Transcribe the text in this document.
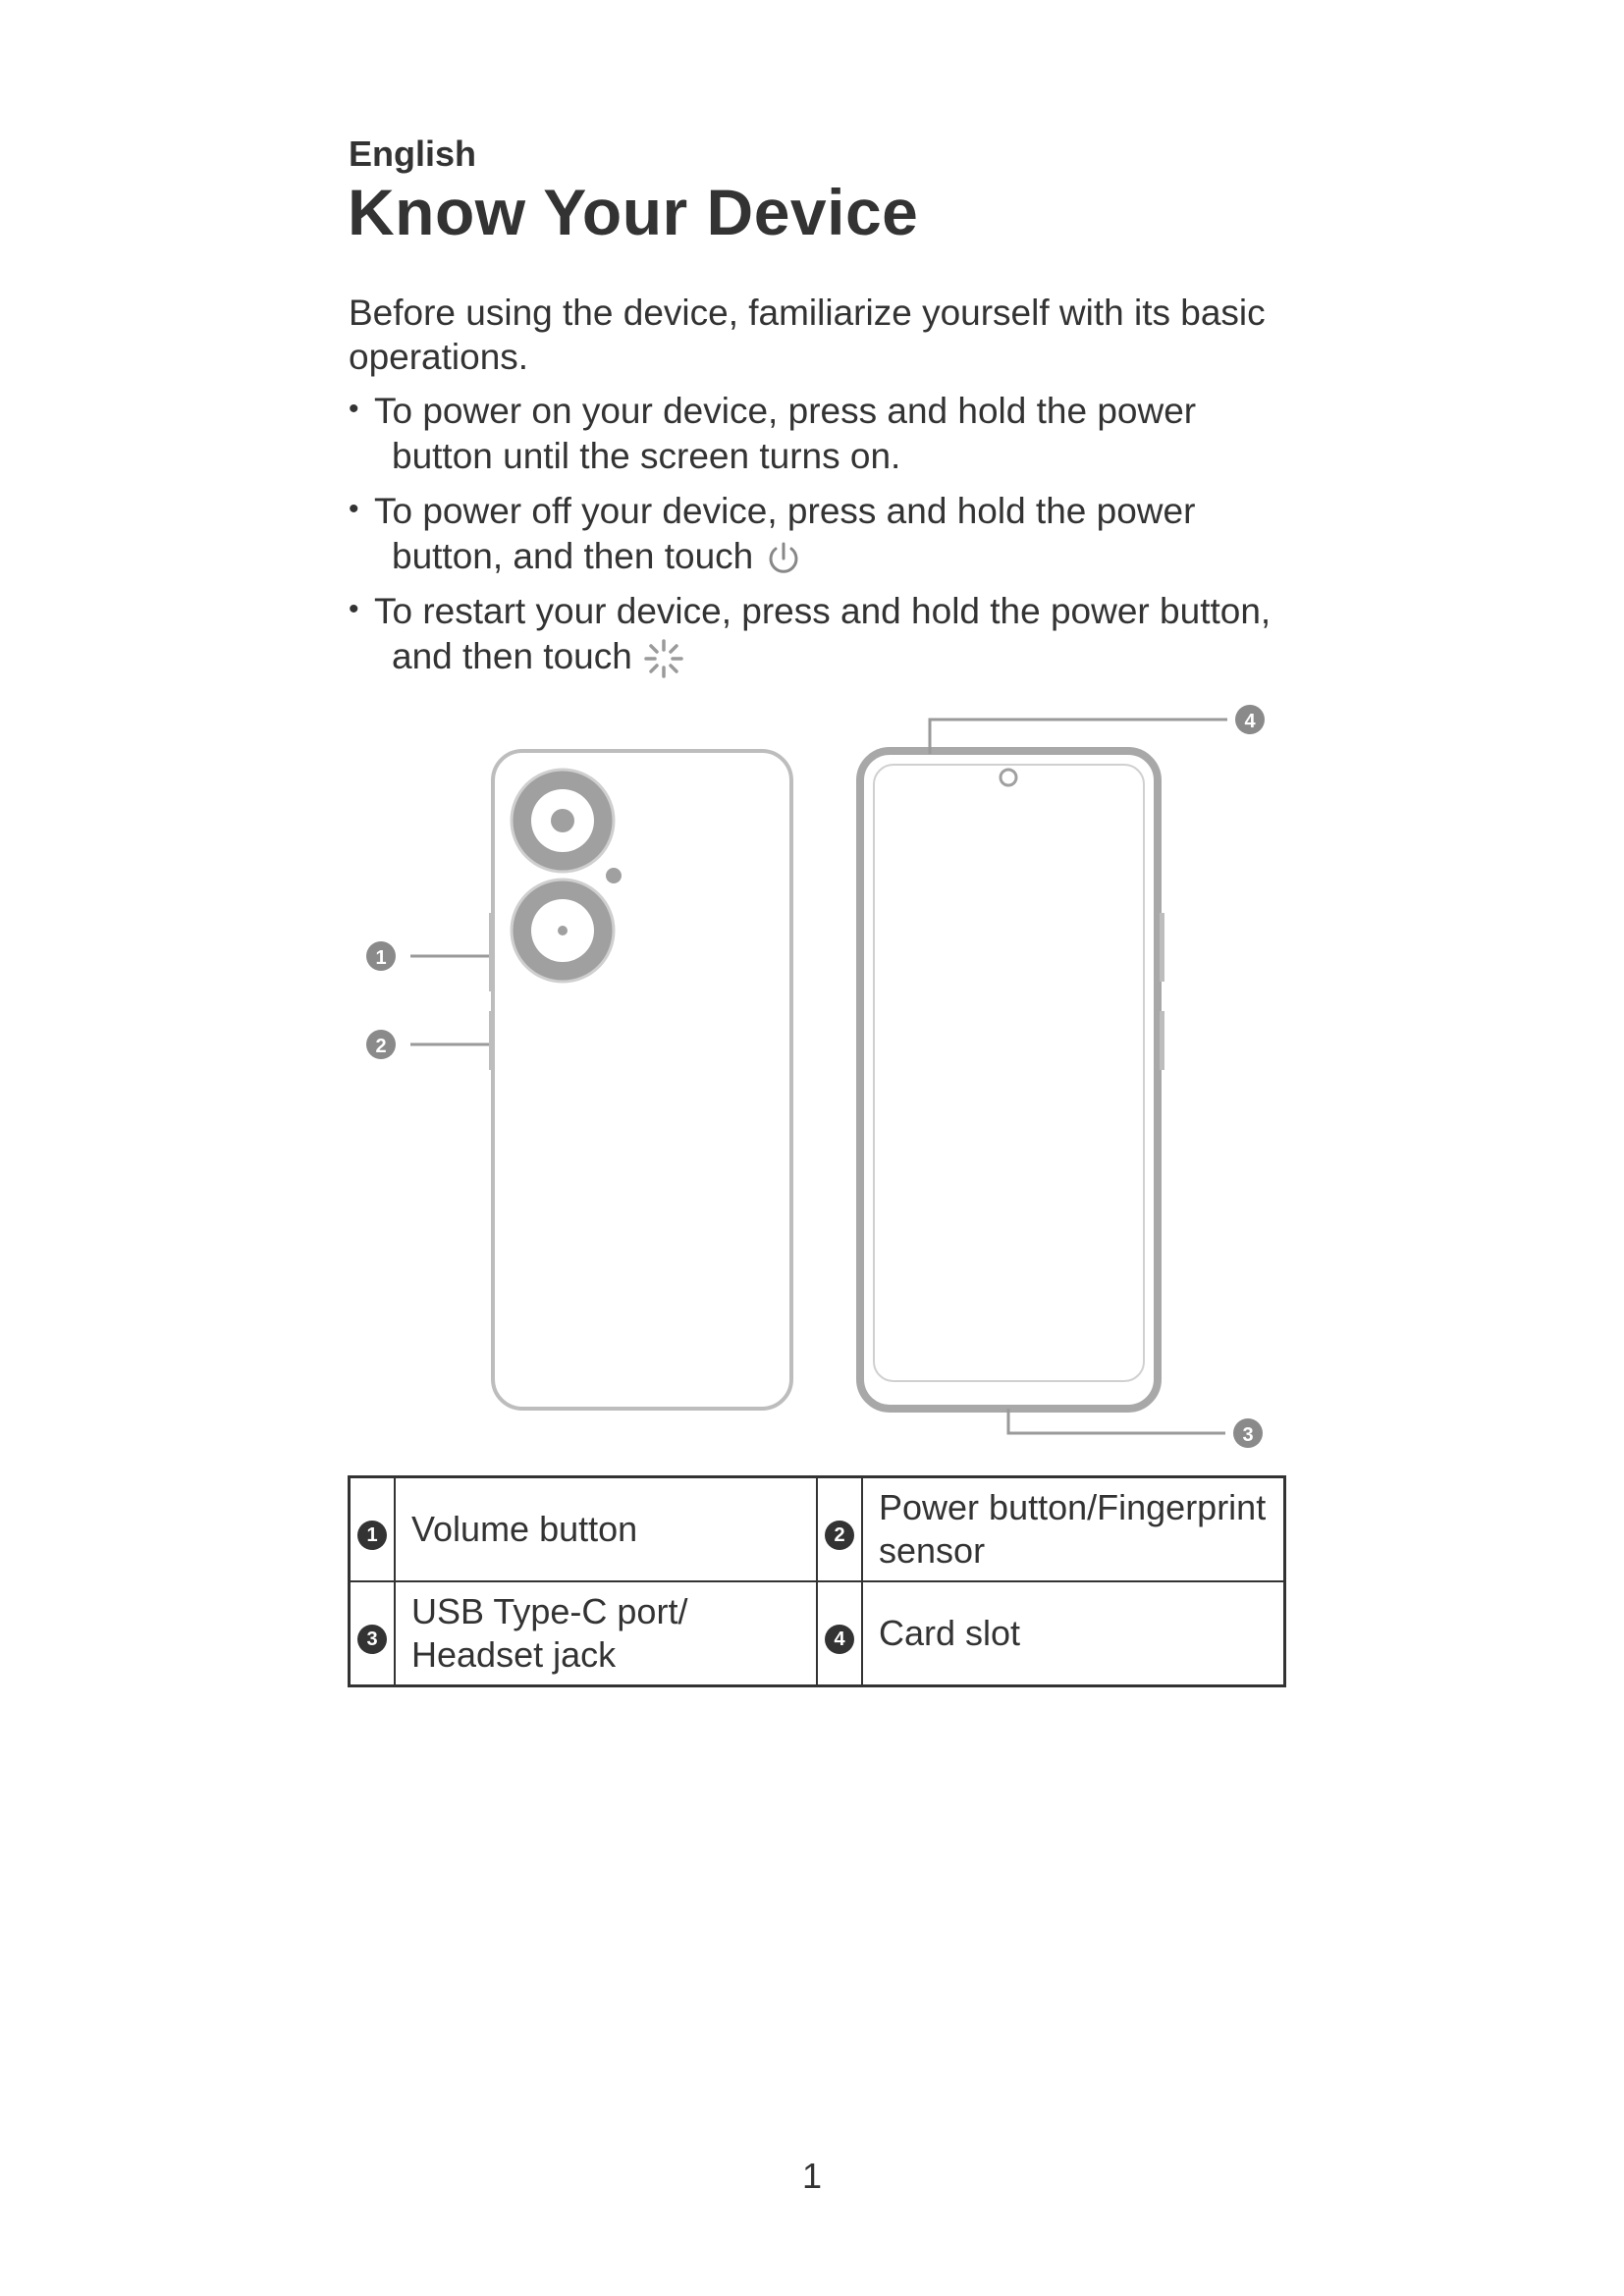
English
Know Your Device

Before using the device, familiarize yourself with its basic operations.

• To power on your device, press and hold the power
button until the screen turns on.
• To power off your device, press and hold the power
button, and then touch
• To restart your device, press and hold the power button,
and then touch
4
1
2
3
1	Volume button	2	Power button/Fingerprint sensor
3	USB Type-C port/ Headset jack	4	Card slot
1
